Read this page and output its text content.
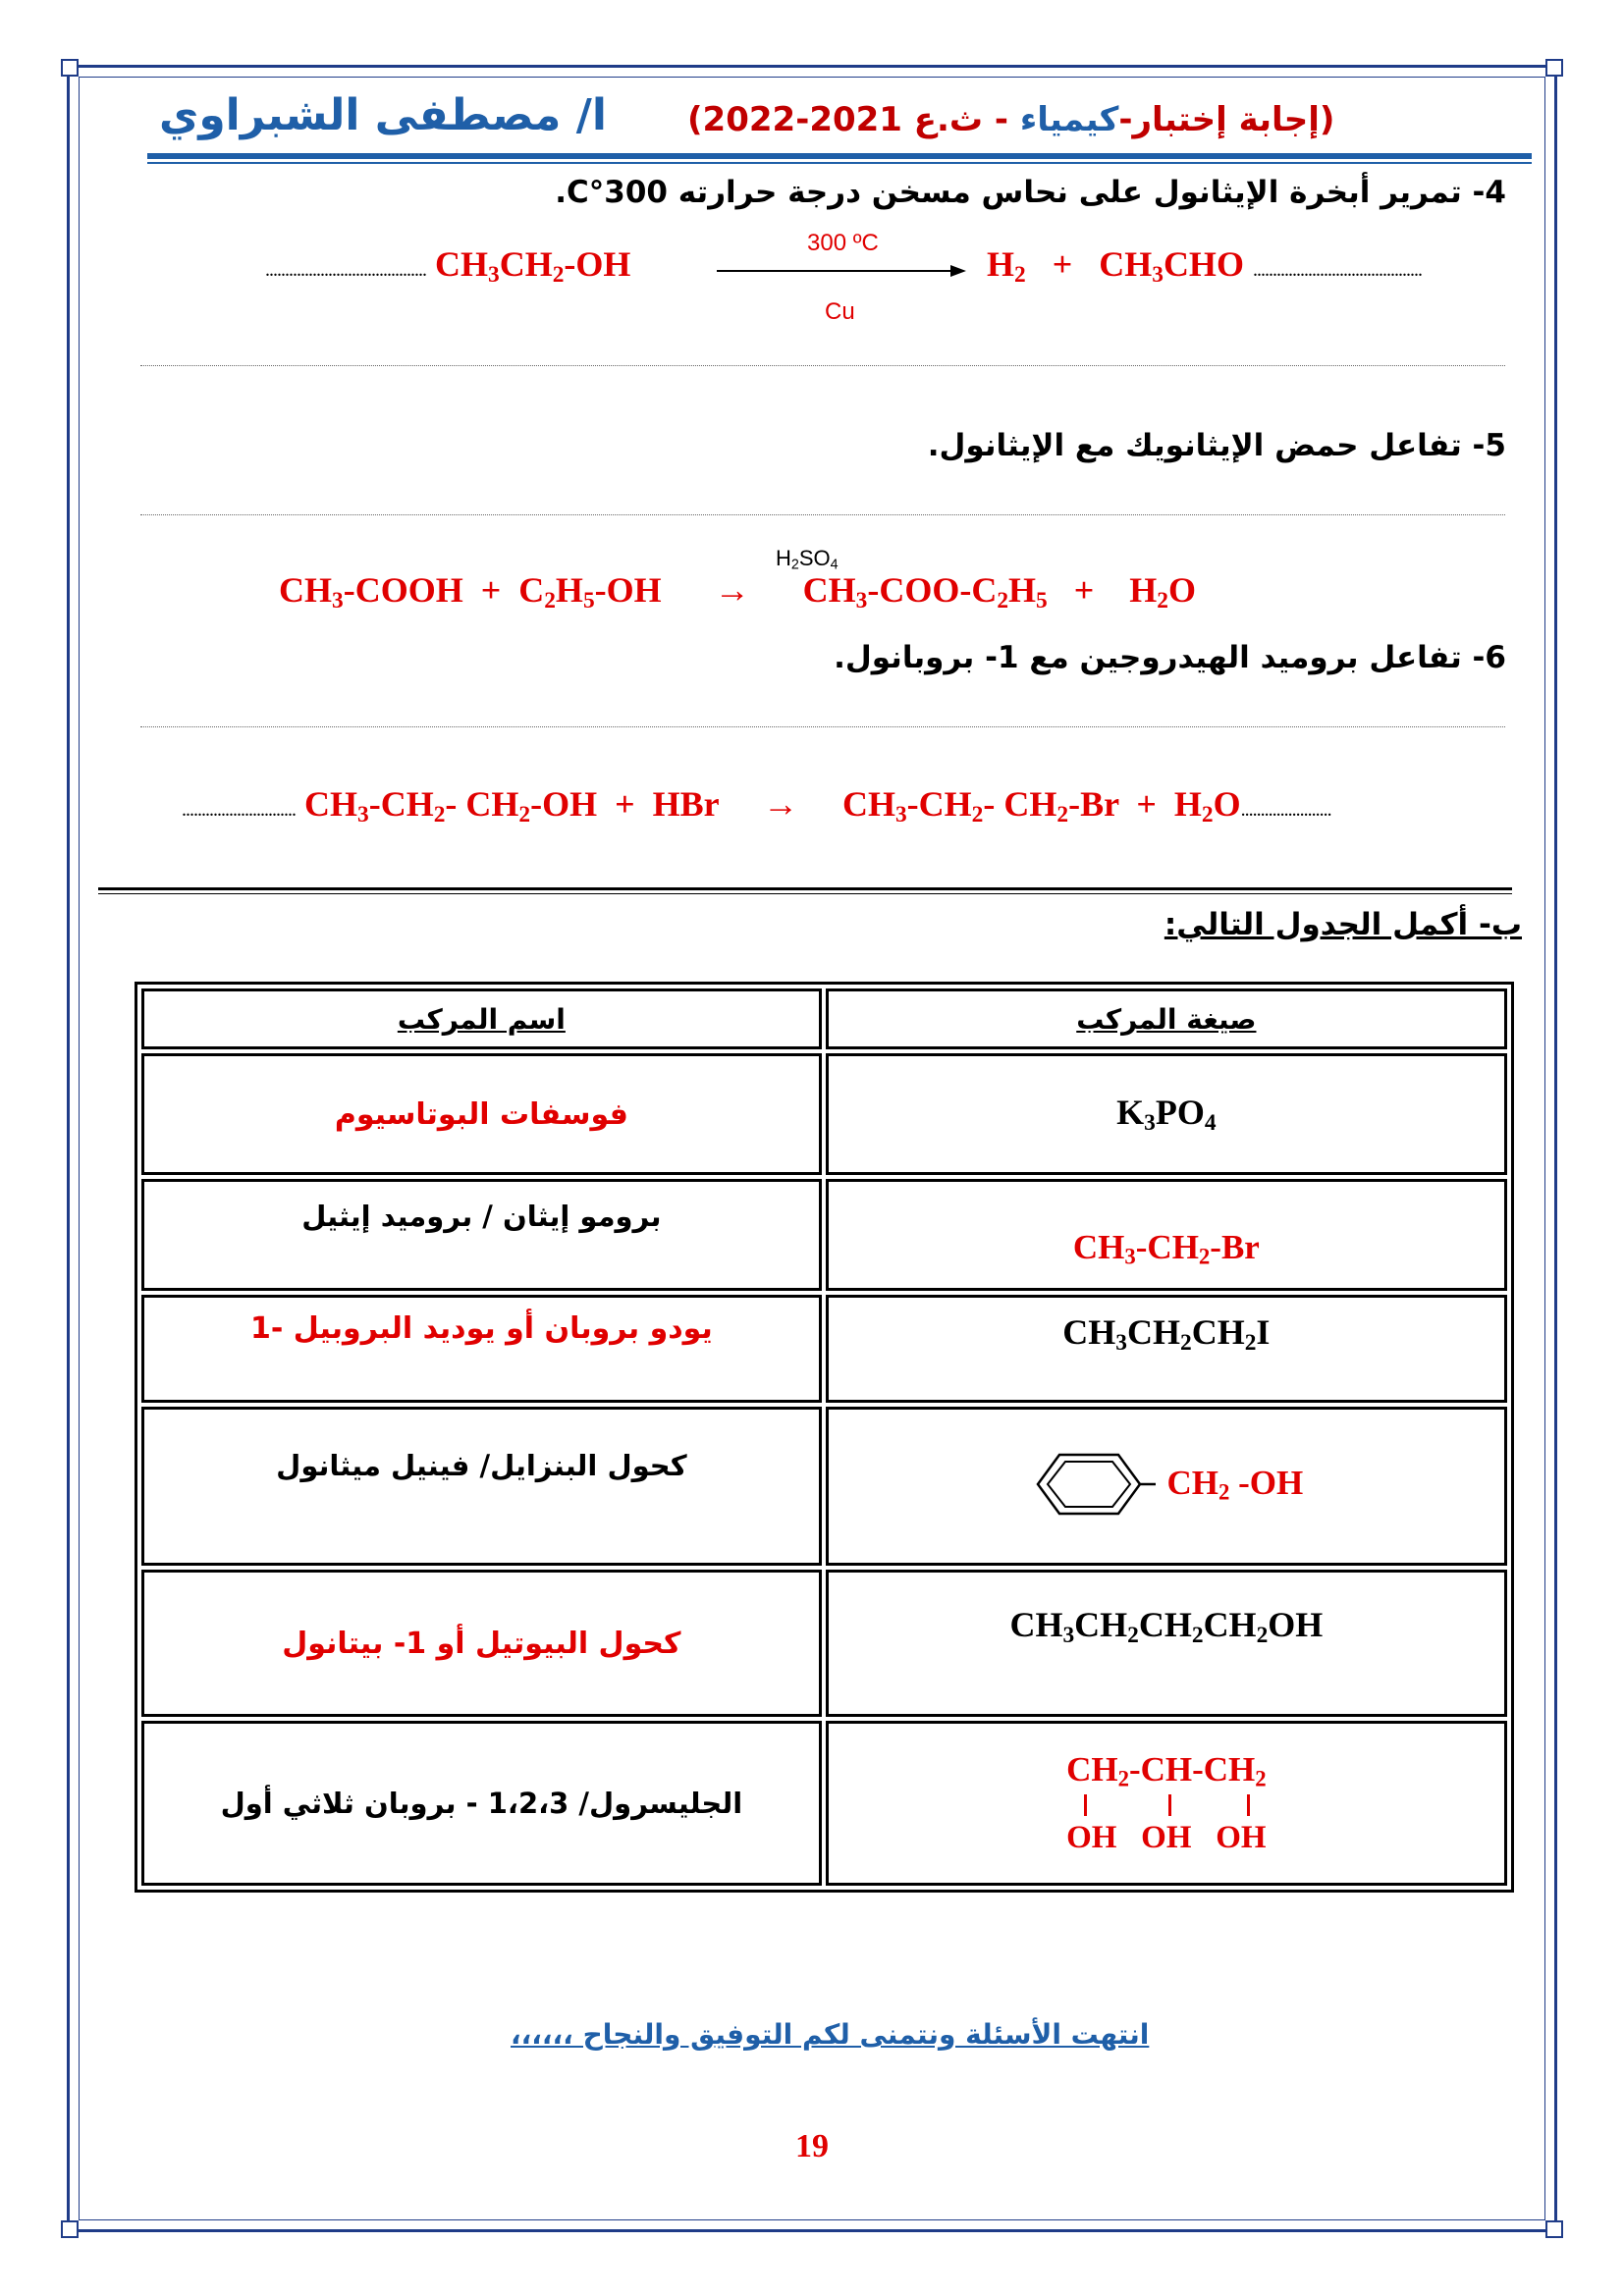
ا/ مصطفى الشبراوي	(إجابة إختبار-كيمياء - ث.ع 2021-2022)
4- تمرير أبخرة الإيثانول على نحاس مسخن درجة حرارته 300°C.
......................................... $CH_3CH_2-OH$
300 ºC
Cu
$H_2 + CH_3CHO$ ...........................................
5- تفاعل حمض الإيثانويك مع الإيثانول.
$H_2SO_4$
$CH_3$-COOH  +  $C_2H_5-OH$      →      $CH_3-COO-C_2H_5$   +    $H_2O$
6- تفاعل بروميد الهيدروجين مع 1- بروبانول.
............................. $CH_3-CH_2-$ $CH_2-OH$  +  HBr     →     $CH_3-CH_2-$ $CH_2-Br + H_2O$.......................
ب- أكمل الجدول التالي:
اسم المركب	صيغة المركب
فوسفات البوتاسيوم	$K_3PO_4$
برومو إيثان / بروميد إيثيل	$CH_3-CH_2-Br$
1- يودو بروبان أو يوديد البروبيل	$CH_3CH_2CH_2I$
كحول البنزايل/ فينيل ميثانول	$CH_2$ -OH

كحول البيوتيل أو 1- بيتانول	$CH_3CH_2CH_2CH_2OH$
الجليسرول/ 1،2،3 - بروبان ثلاثي أول	$CH_2-CH-CH_2$
OH   OH   OH
انتهت الأسئلة ونتمنى لكم التوفيق والنجاح ،،،،،،
19
